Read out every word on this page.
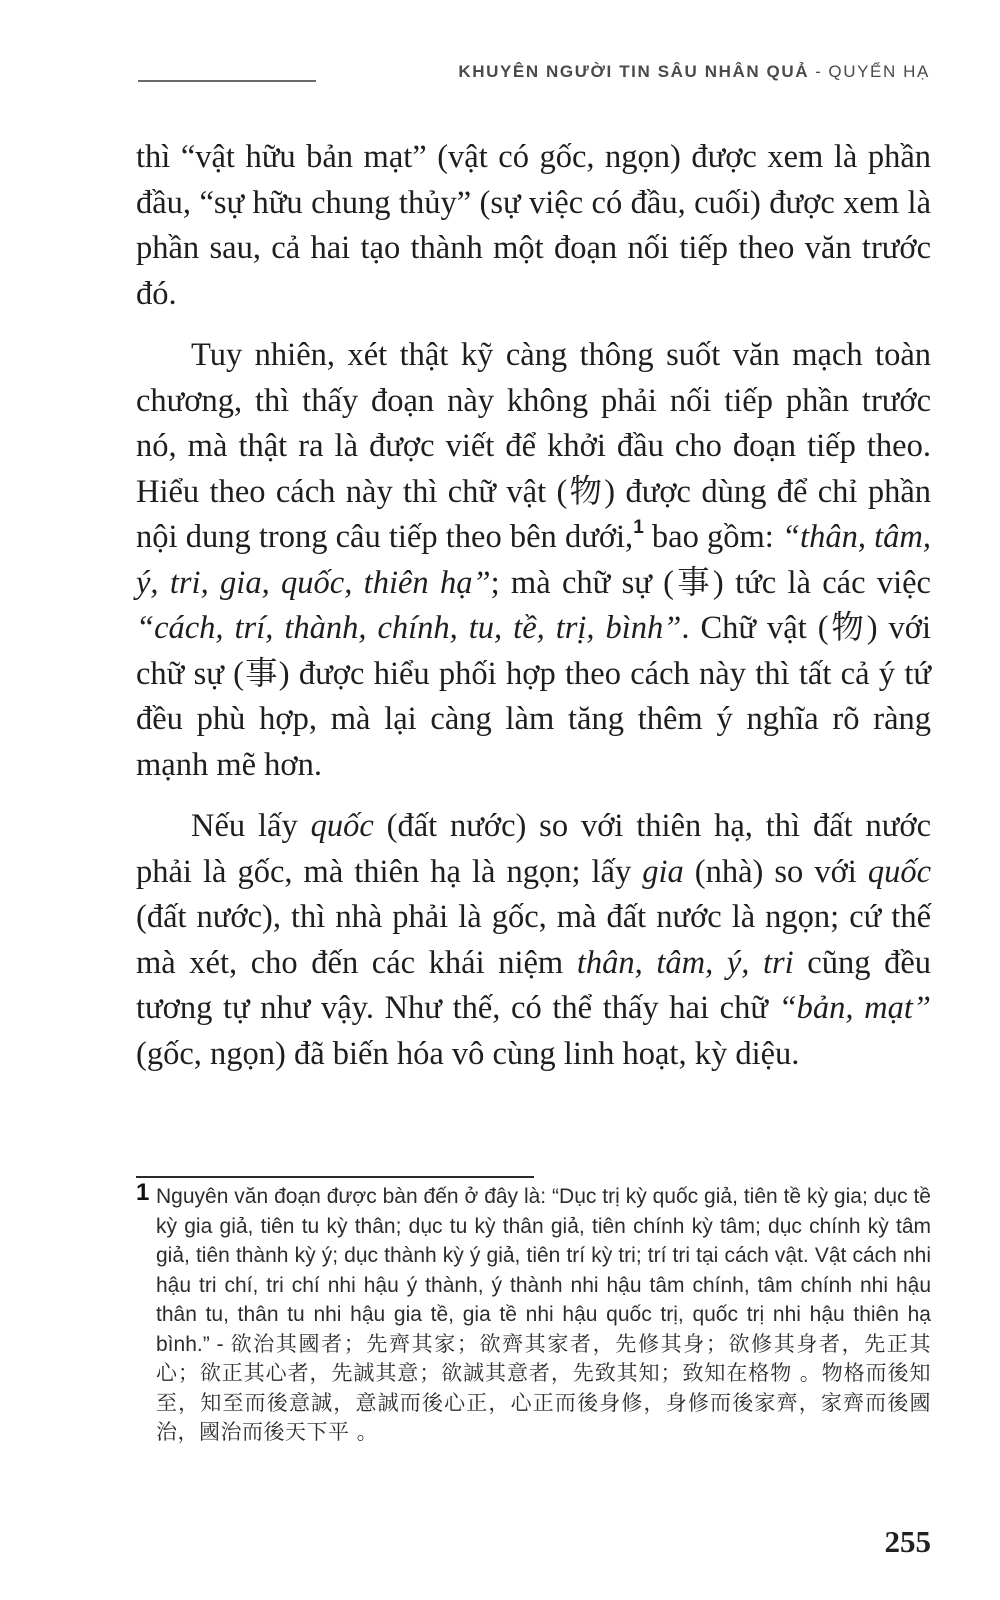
KHUYÊN NGƯỜI TIN SÂU NHÂN QUẢ - QUYỂN HẠ

thì “vật hữu bản mạt” (vật có gốc, ngọn) được xem là phần đầu, “sự hữu chung thủy” (sự việc có đầu, cuối) được xem là phần sau, cả hai tạo thành một đoạn nối tiếp theo văn trước đó.

Tuy nhiên, xét thật kỹ càng thông suốt văn mạch toàn chương, thì thấy đoạn này không phải nối tiếp phần trước nó, mà thật ra là được viết để khởi đầu cho đoạn tiếp theo. Hiểu theo cách này thì chữ vật (物) được dùng để chỉ phần nội dung trong câu tiếp theo bên dưới,$^1$ bao gồm: “thân, tâm, ý, tri, gia, quốc, thiên hạ”; mà chữ sự (事) tức là các việc “cách, trí, thành, chính, tu, tề, trị, bình”. Chữ vật (物) với chữ sự (事) được hiểu phối hợp theo cách này thì tất cả ý tứ đều phù hợp, mà lại càng làm tăng thêm ý nghĩa rõ ràng mạnh mẽ hơn.

Nếu lấy quốc (đất nước) so với thiên hạ, thì đất nước phải là gốc, mà thiên hạ là ngọn; lấy gia (nhà) so với quốc (đất nước), thì nhà phải là gốc, mà đất nước là ngọn; cứ thế mà xét, cho đến các khái niệm thân, tâm, ý, tri cũng đều tương tự như vậy. Như thế, có thể thấy hai chữ “bản, mạt” (gốc, ngọn) đã biến hóa vô cùng linh hoạt, kỳ diệu.

1 Nguyên văn đoạn được bàn đến ở đây là: “Dục trị kỳ quốc giả, tiên tề kỳ gia; dục tề kỳ gia giả, tiên tu kỳ thân; dục tu kỳ thân giả, tiên chính kỳ tâm; dục chính kỳ tâm giả, tiên thành kỳ ý; dục thành kỳ ý giả, tiên trí kỳ tri; trí tri tại cách vật. Vật cách nhi hậu tri chí, tri chí nhi hậu ý thành, ý thành nhi hậu tâm chính, tâm chính nhi hậu thân tu, thân tu nhi hậu gia tề, gia tề nhi hậu quốc trị, quốc trị nhi hậu thiên hạ bình.” - 欲治其國者；先齊其家；欲齊其家者，先修其身；欲修其身者，先正其心；欲正其心者，先誠其意；欲誠其意者，先致其知；致知在格物 。物格而後知至，知至而後意誠，意誠而後心正，心正而後身修，身修而後家齊，家齊而後國治，國治而後天下平 。
255
